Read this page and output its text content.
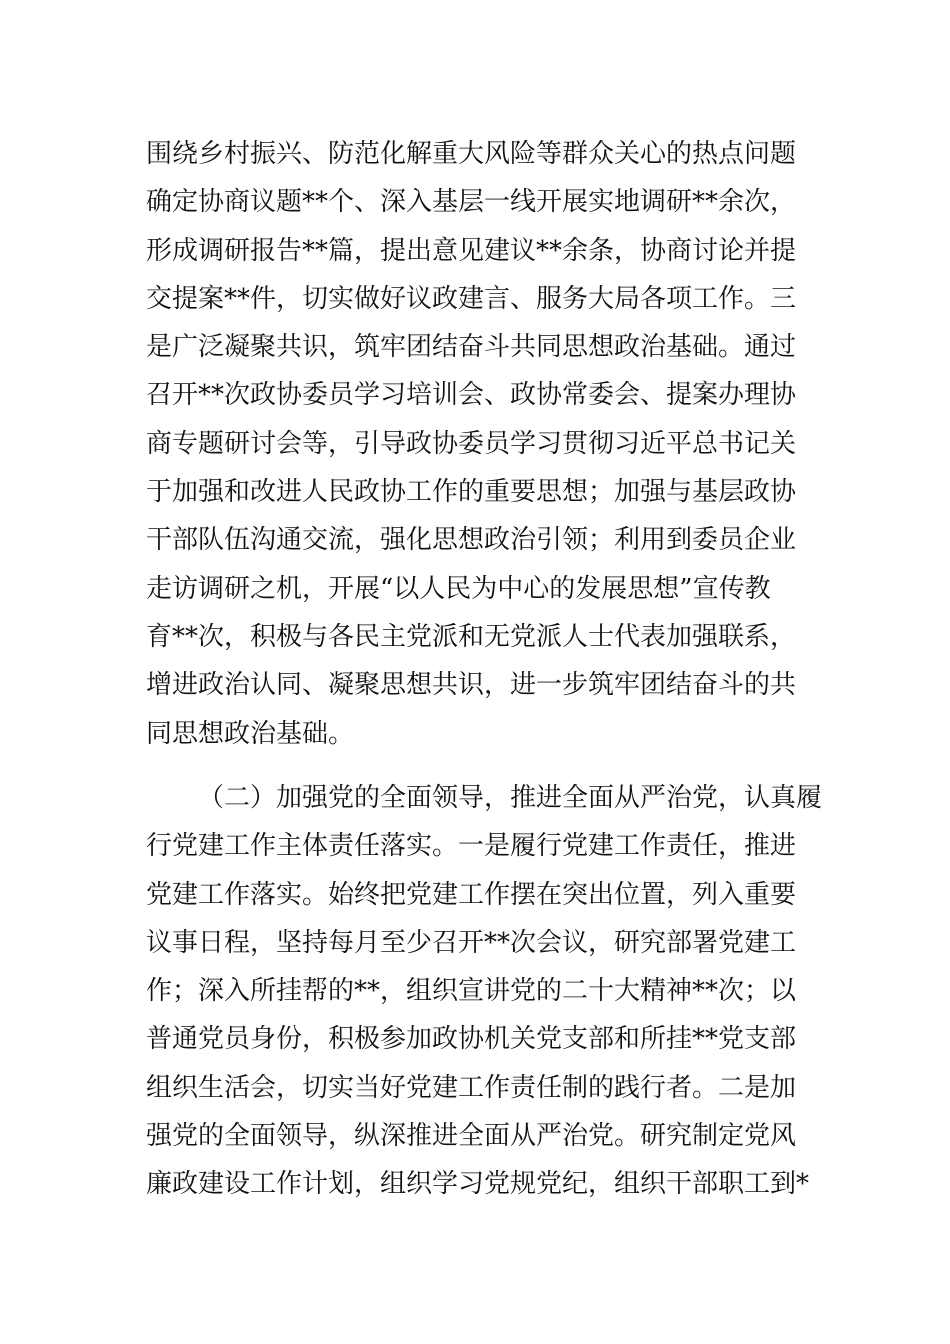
围绕乡村振兴、防范化解重大风险等群众关心的热点问题
确定协商议题**个、深入基层一线开展实地调研**余次，
形成调研报告**篇，提出意见建议**余条，协商讨论并提
交提案**件，切实做好议政建言、服务大局各项工作。三
是广泛凝聚共识，筑牢团结奋斗共同思想政治基础。通过
召开**次政协委员学习培训会、政协常委会、提案办理协
商专题研讨会等，引导政协委员学习贯彻习近平总书记关
于加强和改进人民政协工作的重要思想；加强与基层政协
干部队伍沟通交流，强化思想政治引领；利用到委员企业
走访调研之机，开展“以人民为中心的发展思想”宣传教
育**次，积极与各民主党派和无党派人士代表加强联系，
增进政治认同、凝聚思想共识，进一步筑牢团结奋斗的共
同思想政治基础。
（二）加强党的全面领导，推进全面从严治党，认真履
行党建工作主体责任落实。一是履行党建工作责任，推进
党建工作落实。始终把党建工作摆在突出位置，列入重要
议事日程，坚持每月至少召开**次会议，研究部署党建工
作；深入所挂帮的**，组织宣讲党的二十大精神**次；以
普通党员身份，积极参加政协机关党支部和所挂**党支部
组织生活会，切实当好党建工作责任制的践行者。二是加
强党的全面领导，纵深推进全面从严治党。研究制定党风
廉政建设工作计划，组织学习党规党纪，组织干部职工到*
